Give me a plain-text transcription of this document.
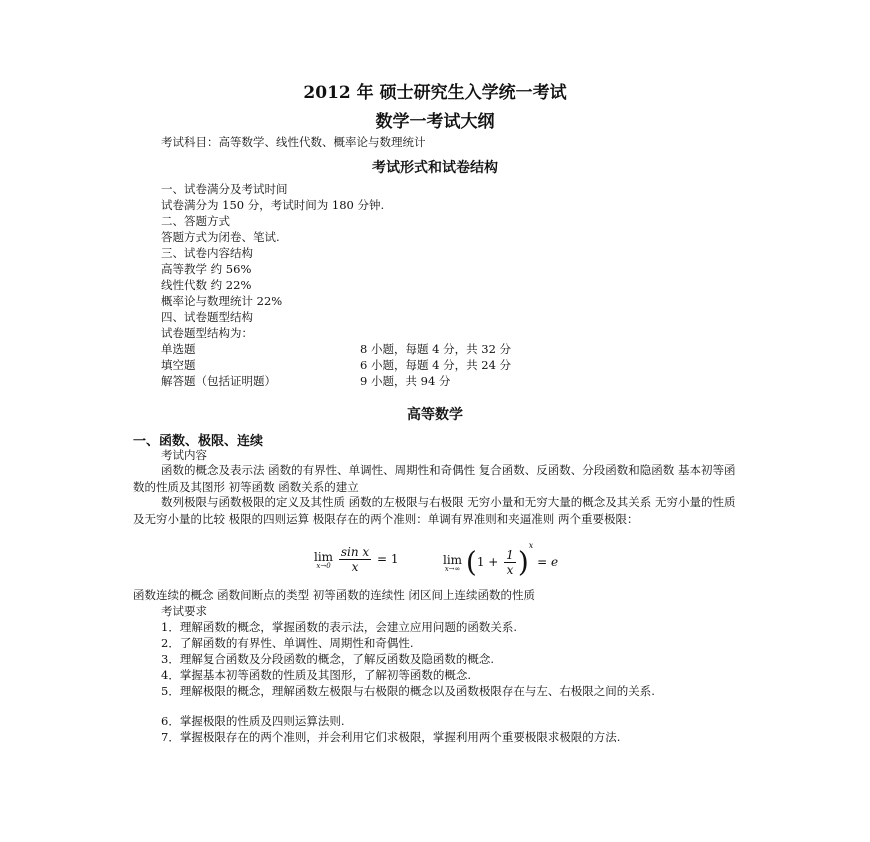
2012 年 硕士研究生入学统一考试
数学一考试大纲
考试科目：高等数学、线性代数、概率论与数理统计
考试形式和试卷结构
一、试卷满分及考试时间
试卷满分为 150 分，考试时间为 180 分钟.
二、答题方式
答题方式为闭卷、笔试.
三、试卷内容结构
高等教学 约 56%
线性代数 约 22%
概率论与数理统计 22%
四、试卷题型结构
试卷题型结构为：
单选题	8 小题，每题 4 分，共 32 分
填空题	6 小题，每题 4 分，共 24 分
解答题（包括证明题）	9 小题，共 94 分
高等数学
一、函数、极限、连续
考试内容
函数的概念及表示法 函数的有界性、单调性、周期性和奇偶性 复合函数、反函数、分段函数和隐函数 基本初等函数的性质及其图形 初等函数 函数关系的建立
数列极限与函数极限的定义及其性质 函数的左极限与右极限 无穷小量和无穷大量的概念及其关系 无穷小量的性质及无穷小量的比较 极限的四则运算 极限存在的两个准则：单调有界准则和夹逼准则 两个重要极限：
lim
x→0
$\frac{\text{sin x}}{x} = 1$	lim
x→∞ $(1 + \frac{1}{x} )^x = e$
函数连续的概念 函数间断点的类型 初等函数的连续性 闭区间上连续函数的性质
考试要求
1．理解函数的概念，掌握函数的表示法，会建立应用问题的函数关系.
2．了解函数的有界性、单调性、周期性和奇偶性.
3．理解复合函数及分段函数的概念，了解反函数及隐函数的概念.
4．掌握基本初等函数的性质及其图形，了解初等函数的概念.
5．理解极限的概念，理解函数左极限与右极限的概念以及函数极限存在与左、右极限之间的关系.
6．掌握极限的性质及四则运算法则.
7．掌握极限存在的两个准则，并会利用它们求极限，掌握利用两个重要极限求极限的方法.
